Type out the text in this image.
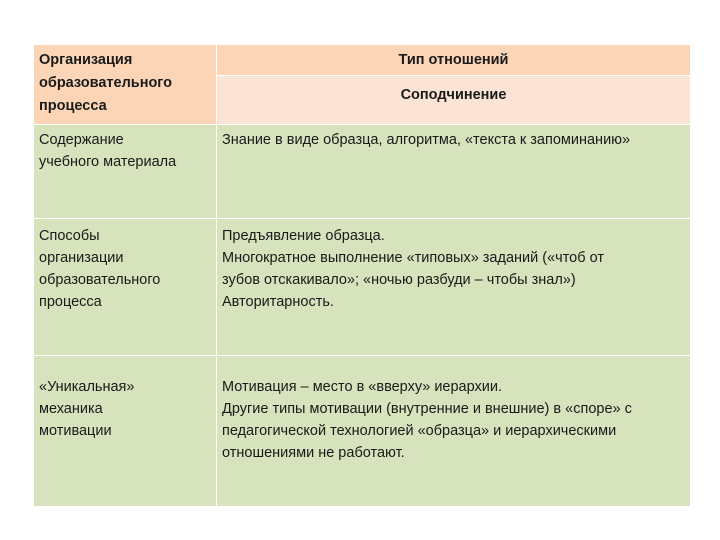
Организация
образовательного
процесса	Тип отношений
	Соподчинение

Содержание
учебного материала	Знание в виде образца, алгоритма, «текста к запоминанию»

Способы
организации
образовательного
процесса	Предъявление образца.
Многократное выполнение «типовых» заданий («чтоб от
зубов отскакивало»; «ночью разбуди – чтобы знал»)
Авторитарность.

«Уникальная»
механика
мотивации	Мотивация – место в «вверху» иерархии.
Другие типы мотивации (внутренние и внешние) в «споре» с
педагогической технологией «образца» и иерархическими
отношениями не работают.
